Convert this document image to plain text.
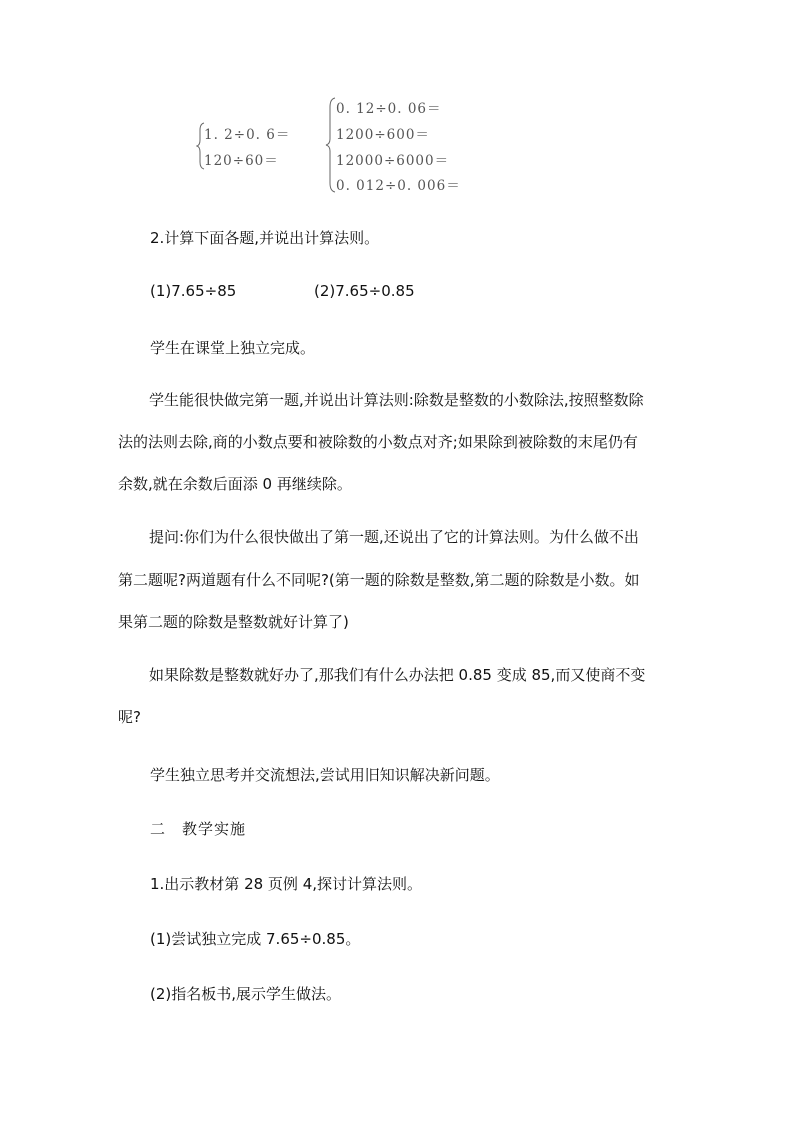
1. 2÷0. 6＝
120÷60＝
0. 12÷0. 06＝
1200÷600＝
12000÷6000＝
0. 012÷0. 006＝
2.计算下面各题,并说出计算法则。
(1)7.65÷85	(2)7.65÷0.85
学生在课堂上独立完成。
学生能很快做完第一题,并说出计算法则:除数是整数的小数除法,按照整数除
法的法则去除,商的小数点要和被除数的小数点对齐;如果除到被除数的末尾仍有
余数,就在余数后面添 0 再继续除。
提问:你们为什么很快做出了第一题,还说出了它的计算法则。为什么做不出
第二题呢?两道题有什么不同呢?(第一题的除数是整数,第二题的除数是小数。如
果第二题的除数是整数就好计算了)
如果除数是整数就好办了,那我们有什么办法把 0.85 变成 85,而又使商不变
呢?
学生独立思考并交流想法,尝试用旧知识解决新问题。
二　教学实施
1.出示教材第 28 页例 4,探讨计算法则。
(1)尝试独立完成 7.65÷0.85。
(2)指名板书,展示学生做法。
